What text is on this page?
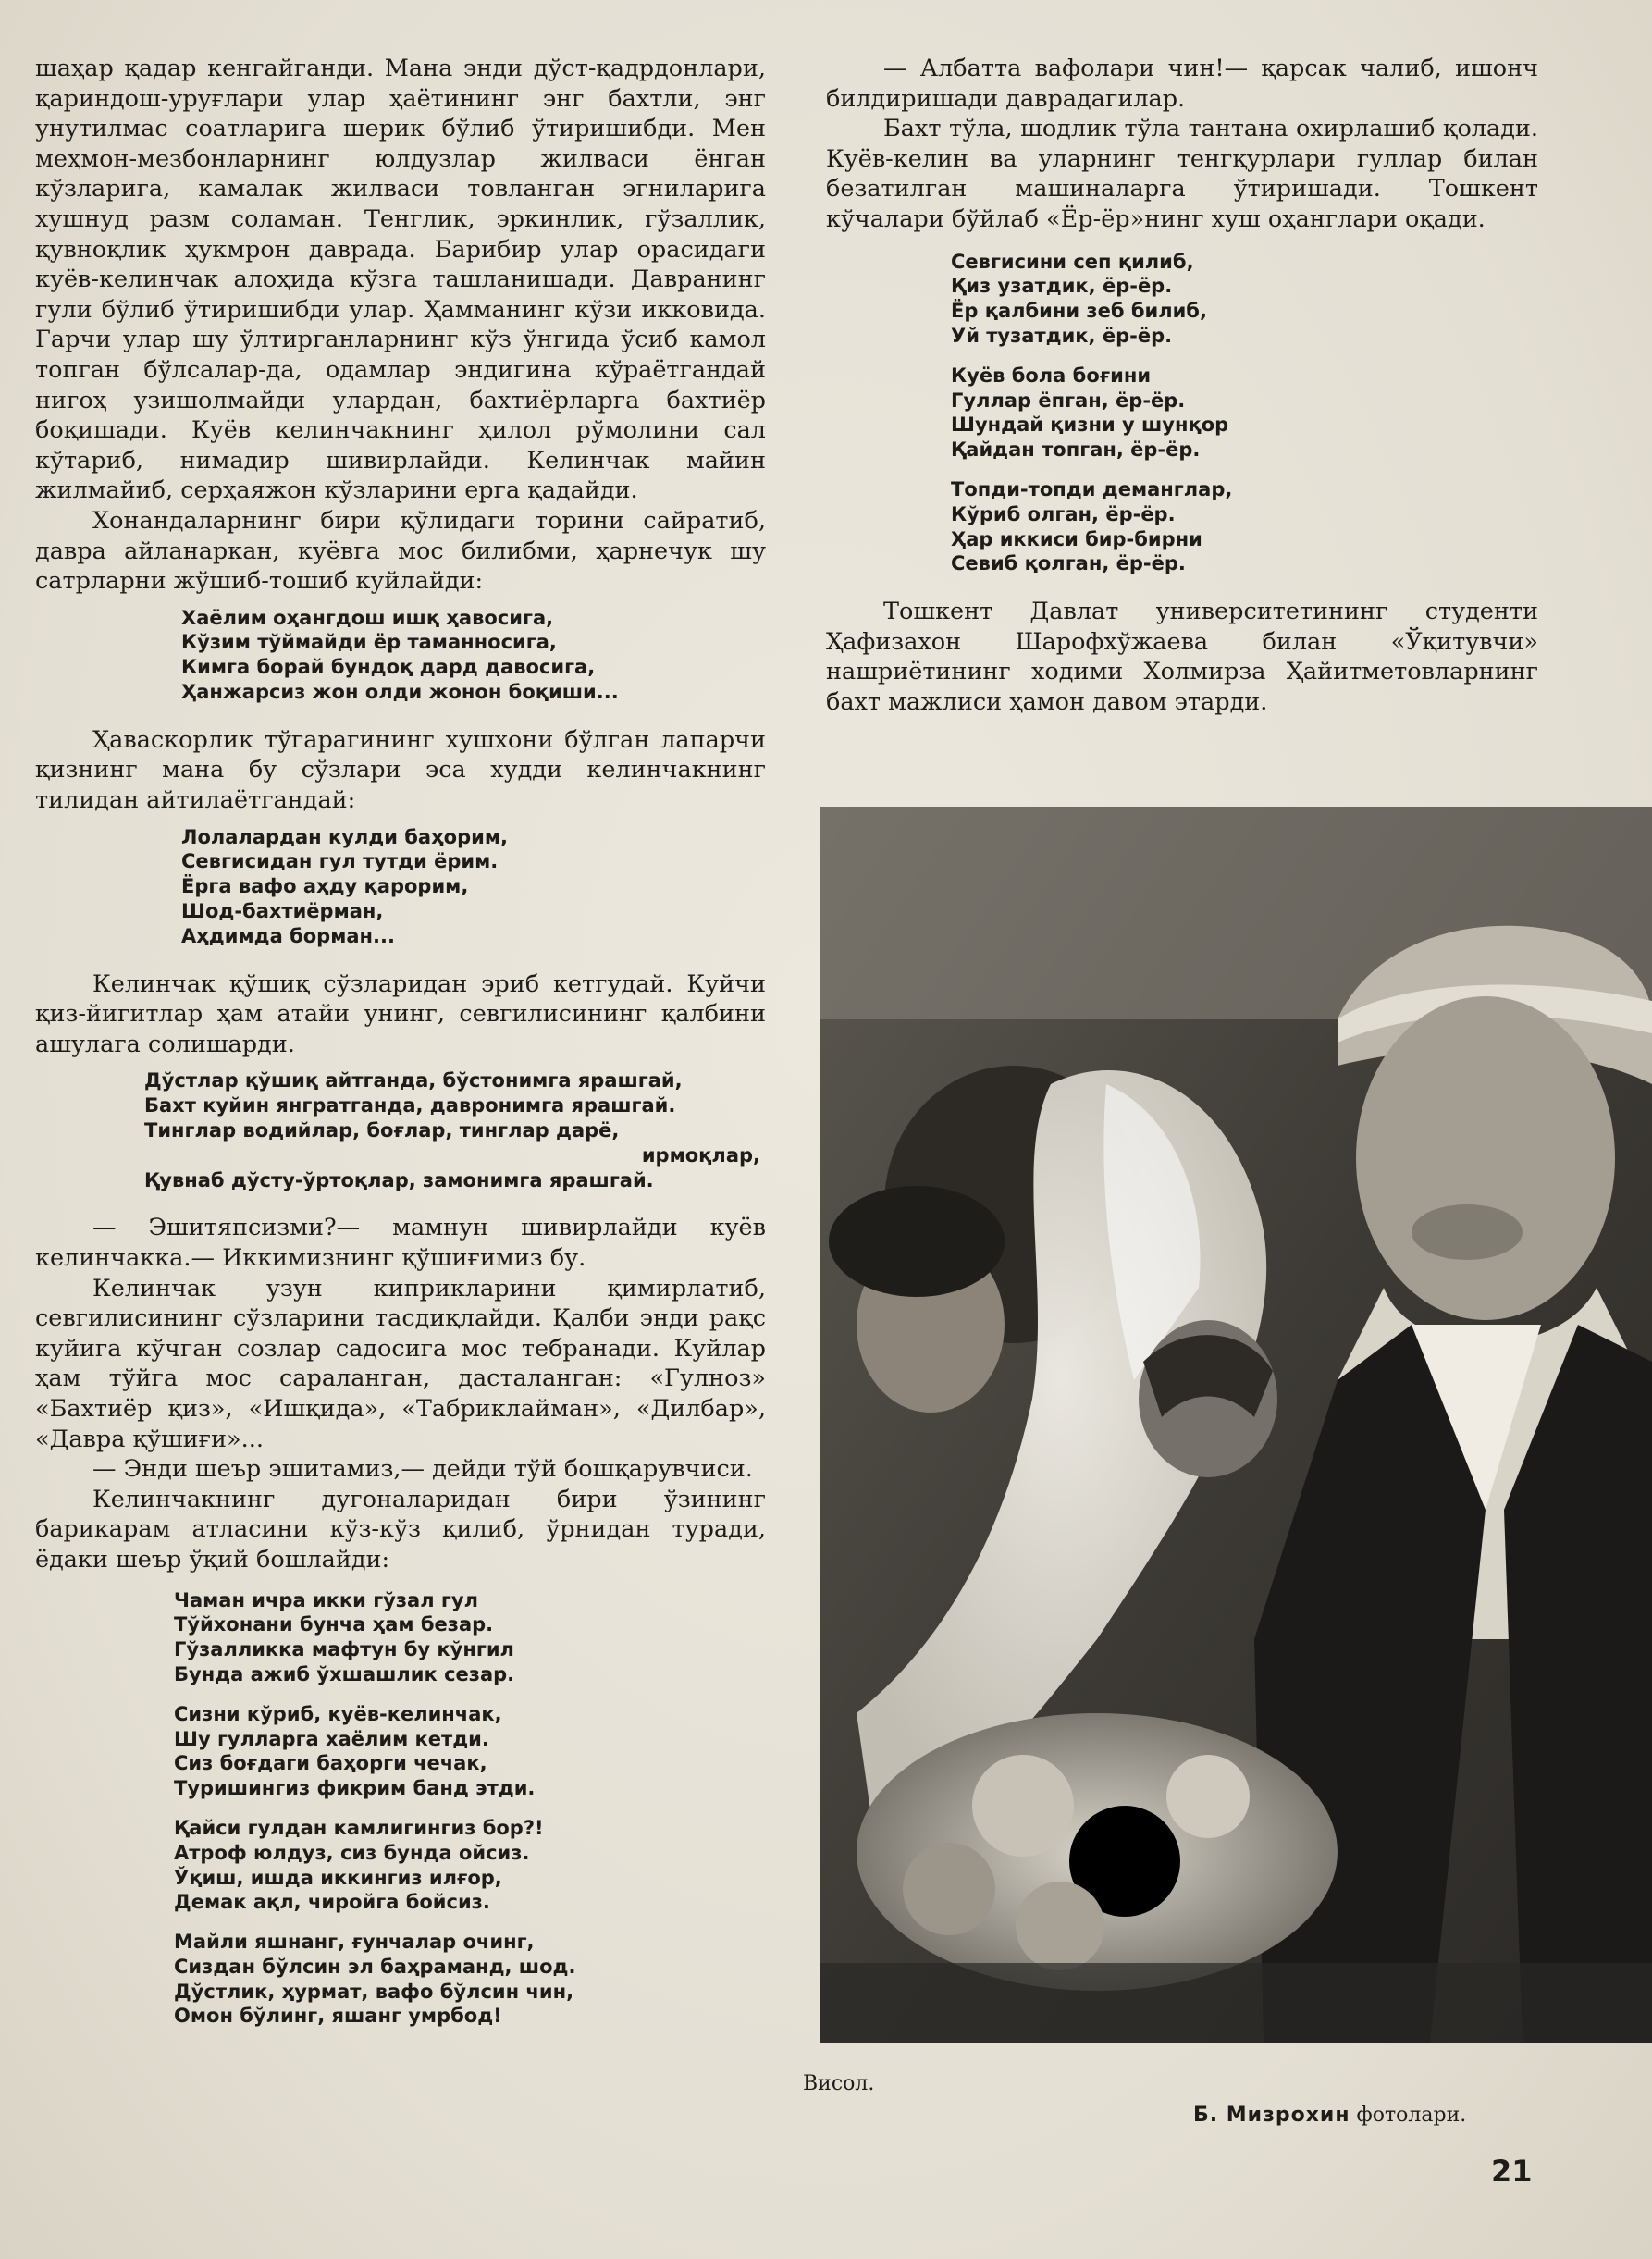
шаҳар қадар кенгайганди. Мана энди дўст-қадрдонлари, қариндош-уруғлари улар ҳаётининг энг бахтли, энг унутилмас соатларига шерик бўлиб ўтиришибди. Мен меҳмон-мезбонларнинг юлдузлар жилваси ёнган кўзларига, камалак жилваси товланган эгниларига хушнуд разм соламан. Тенглик, эркинлик, гўзаллик, қувноқлик ҳукмрон даврада. Барибир улар орасидаги куёв-келинчак алоҳида кўзга ташланишади. Давранинг гули бўлиб ўтиришибди улар. Ҳамманинг кўзи икковида. Гарчи улар шу ўлтирганларнинг кўз ўнгида ўсиб камол топган бўлсалар-да, одамлар эндигина кўраётгандай нигоҳ узишолмайди улардан, бахтиёрларга бахтиёр боқишади. Куёв келинчакнинг ҳилол рўмолини сал кўтариб, нимадир шивирлайди. Келинчак майин жилмайиб, серҳаяжон кўзларини ерга қадайди.

Хонандаларнинг бири қўлидаги торини сайратиб, давра айланаркан, куёвга мос билибми, ҳарнечук шу сатрларни жўшиб-тошиб куйлайди:

Хаёлим оҳангдош ишқ ҳавосига,
Кўзим тўймайди ёр таманносига,
Кимга борай бундоқ дард давосига,
Ҳанжарсиз жон олди жонон боқиши...

Ҳаваскорлик тўгарагининг хушхони бўлган лапарчи қизнинг мана бу сўзлари эса худди келинчакнинг тилидан айтилаётгандай:

Лолалардан кулди баҳорим,
Севгисидан гул тутди ёрим.
Ёрга вафо аҳду қарорим,
Шод-бахтиёрман,
Аҳдимда борман...

Келинчак қўшиқ сўзларидан эриб кетгудай. Куйчи қиз-йигитлар ҳам атайи унинг, севгилисининг қалбини ашулага солишарди.

Дўстлар қўшиқ айтганда, бўстонимга ярашгай,
Бахт куйин янгратганда, давронимга ярашгай.
Тинглар водийлар, боғлар, тинглар дарё,
ирмоқлар,
Қувнаб дўсту-ўртоқлар, замонимга ярашгай.

— Эшитяпсизми?— мамнун шивирлайди куёв келинчакка.— Иккимизнинг қўшиғимиз бу.

Келинчак узун киприкларини қимирлатиб, севгилисининг сўзларини тасдиқлайди. Қалби энди рақс куйига кўчган созлар садосига мос тебранади. Куйлар ҳам тўйга мос сараланган, дасталанган: «Гулноз» «Бахтиёр қиз», «Ишқида», «Табриклайман», «Дилбар», «Давра қўшиғи»...

— Энди шеър эшитамиз,— дейди тўй бошқарувчиси.

Келинчакнинг дугоналаридан бири ўзининг барикарам атласини кўз-кўз қилиб, ўрнидан туради, ёдаки шеър ўқий бошлайди:

Чаман ичра икки гўзал гул
Тўйхонани бунча ҳам безар.
Гўзалликка мафтун бу кўнгил
Бунда ажиб ўхшашлик сезар.
Сизни кўриб, куёв-келинчак,
Шу гулларга хаёлим кетди.
Сиз боғдаги баҳорги чечак,
Туришингиз фикрим банд этди.
Қайси гулдан камлигингиз бор?!
Атроф юлдуз, сиз бунда ойсиз.
Ўқиш, ишда иккингиз илғор,
Демак ақл, чиройга бойсиз.
Майли яшнанг, ғунчалар очинг,
Сиздан бўлсин эл баҳраманд, шод.
Дўстлик, ҳурмат, вафо бўлсин чин,
Омон бўлинг, яшанг умрбод!

— Албатта вафолари чин!— қарсак чалиб, ишонч билдиришади даврадагилар.

Бахт тўла, шодлик тўла тантана охирлашиб қолади. Куёв-келин ва уларнинг тенгқурлари гуллар билан безатилган машиналарга ўтиришади. Тошкент кўчалари бўйлаб «Ёр-ёр»нинг хуш оҳанглари оқади.

Севгисини сеп қилиб,
Қиз узатдик, ёр-ёр.
Ёр қалбини зеб билиб,
Уй тузатдик, ёр-ёр.
Куёв бола боғини
Гуллар ёпган, ёр-ёр.
Шундай қизни у шунқор
Қайдан топган, ёр-ёр.
Топди-топди деманглар,
Кўриб олган, ёр-ёр.
Ҳар иккиси бир-бирни
Севиб қолган, ёр-ёр.

Тошкент Давлат университетининг студенти Ҳафизахон Шарофхўжаева билан «Ўқитувчи» нашриётининг ходими Холмирза Ҳайитметовларнинг бахт мажлиси ҳамон давом этарди.

Висол.
Б. Мизрохин фотолари.
21
